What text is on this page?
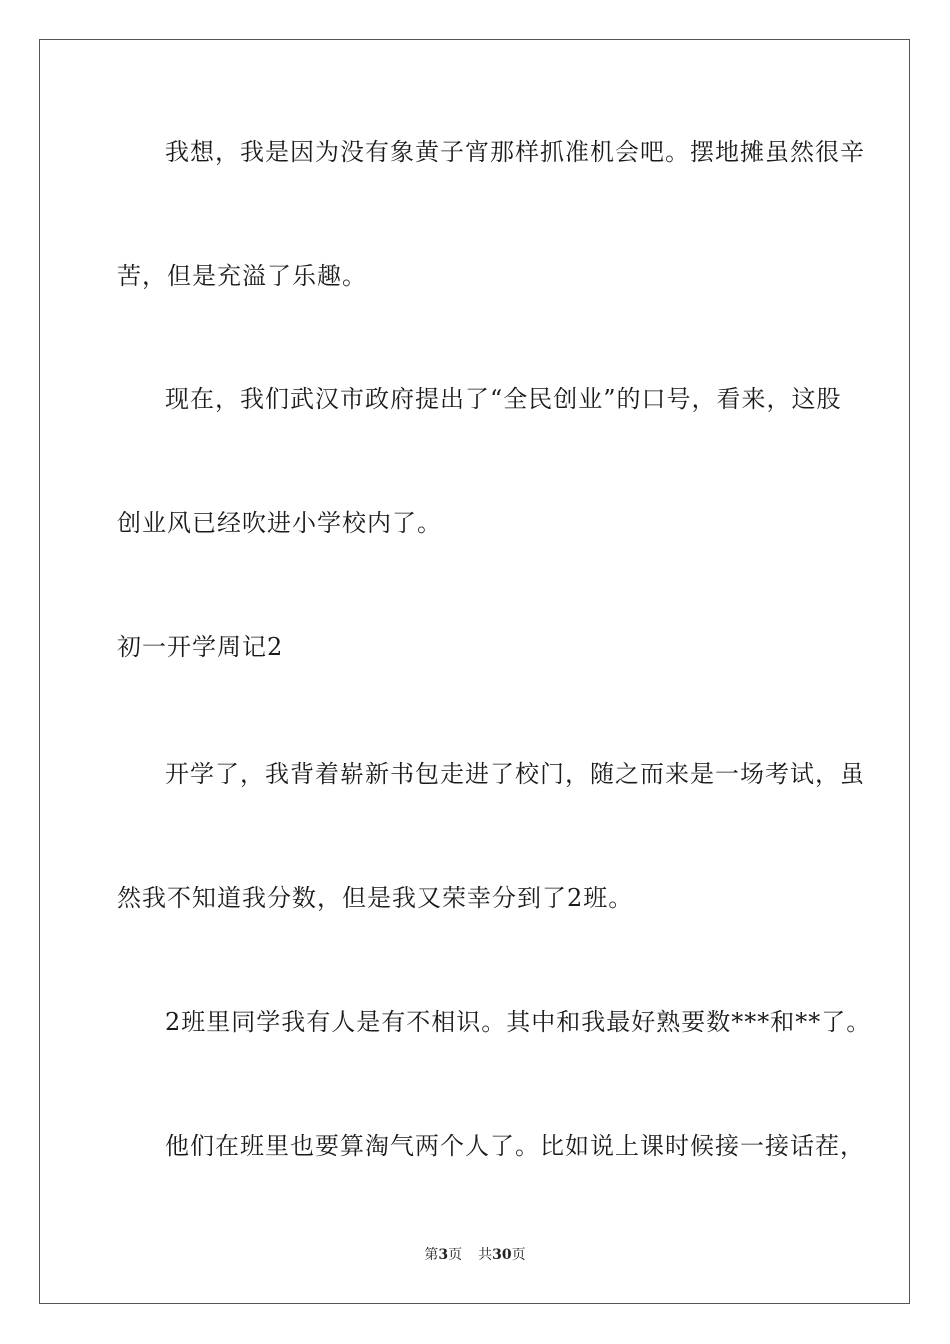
我想，我是因为没有象黄子宵那样抓准机会吧。摆地摊虽然很辛
苦，但是充溢了乐趣。
现在，我们武汉市政府提出了“全民创业”的口号，看来，这股
创业风已经吹进小学校内了。
初一开学周记2
开学了，我背着崭新书包走进了校门，随之而来是一场考试，虽
然我不知道我分数，但是我又荣幸分到了2班。
2班里同学我有人是有不相识。其中和我最好熟要数***和**了。
他们在班里也要算淘气两个人了。比如说上课时候接一接话茬，
第3页 共30页
